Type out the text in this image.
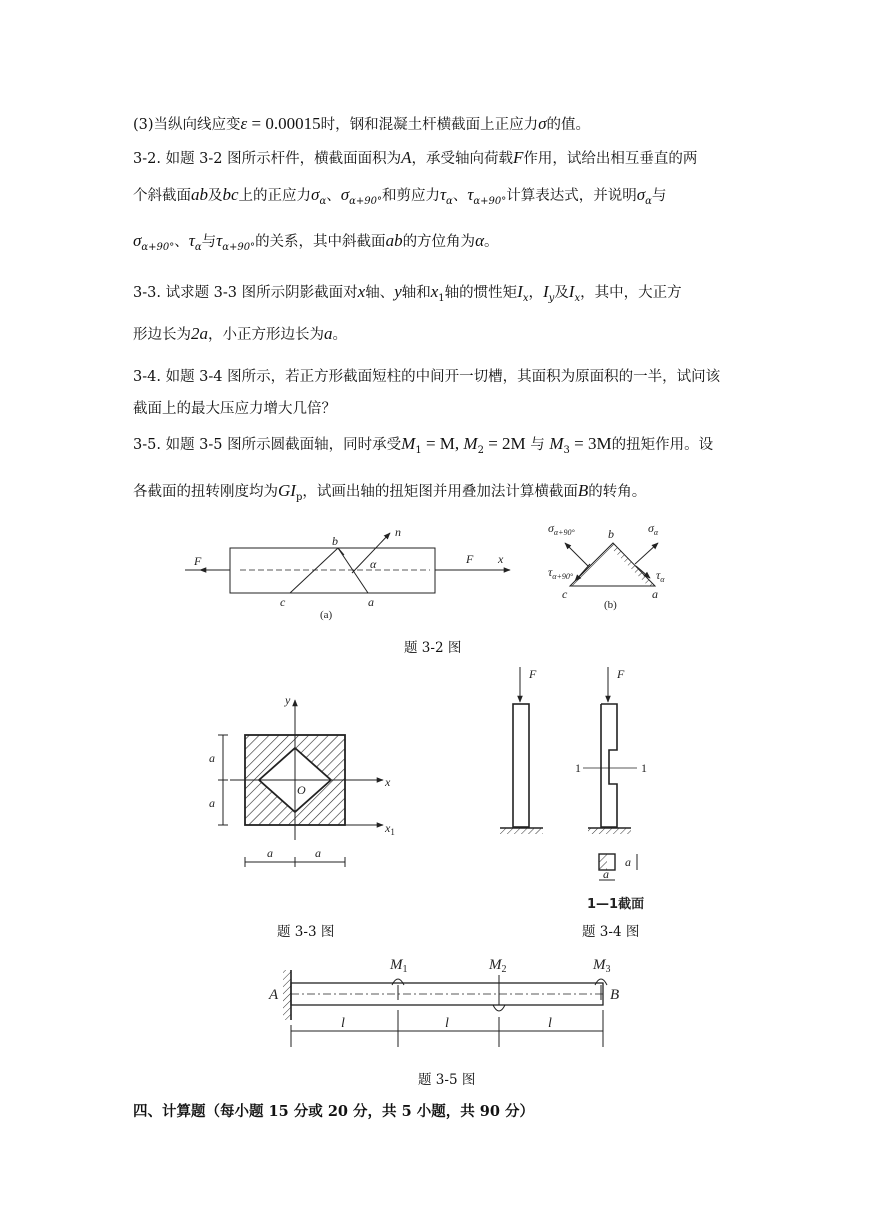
(3)当纵向线应变ε = 0.00015时，钢和混凝土杆横截面上正应力σ的值。
3-2. 如题 3-2 图所示杆件，横截面面积为A，承受轴向荷载F作用，试给出相互垂直的两
个斜截面ab及bc上的正应力$\sigma_\alpha$、$\sigma_{\alpha+90^\circ}$和剪应力$\tau_\alpha$、$\tau_{\alpha+90^\circ}$计算表达式，并说明$\sigma_\alpha$与
$\sigma_{\alpha+90^\circ}$、$\tau_\alpha$与$\tau_{\alpha+90^\circ}$的关系，其中斜截面ab的方位角为α。
3-3. 试求题 3-3 图所示阴影截面对x轴、y轴和$x_1$轴的惯性矩$I_x$，$I_y$及$I_x$，其中，大正方
形边长为2a，小正方形边长为a。
3-4. 如题 3-4 图所示，若正方形截面短柱的中间开一切槽，其面积为原面积的一半，试问该
截面上的最大压应力增大几倍？
3-5. 如题 3-5 图所示圆截面轴，同时承受$M_1 = M$, $M_2 = 2M$ 与 $M_3 = 3M$的扭矩作用。设
各截面的扭转刚度均为$GI_p$，试画出轴的扭矩图并用叠加法计算横截面B的转角。
F	F x
n
b
α
c	a
(a)
$\sigma_{\alpha+90^\circ}$	$\sigma_\alpha$
b
$\tau_{\alpha+90^\circ}$	$\tau_\alpha$
c	a
(b)
题 3-2 图
y
x
$x_1$
O
a
a
a	a
题 3-3 图
F	F
1	1
a
a
1—1截面
题 3-4 图
A	B
$M_1$	$M_2$	$M_3$
l	l	l
题 3-5 图
四、计算题（每小题 15 分或 20 分，共 5 小题，共 90 分）
